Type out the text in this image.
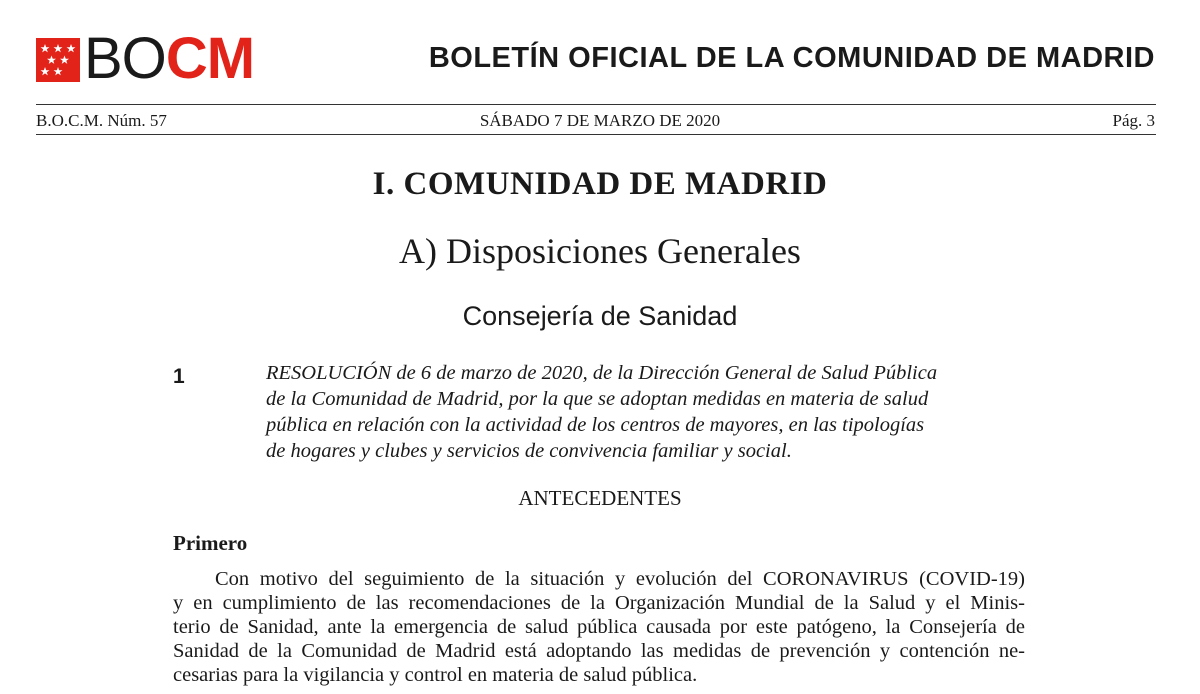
BOCM	BOLETÍN OFICIAL DE LA COMUNIDAD DE MADRID
B.O.C.M. Núm. 57	SÁBADO 7 DE MARZO DE 2020	Pág. 3
I. COMUNIDAD DE MADRID
A) Disposiciones Generales
Consejería de Sanidad
1	RESOLUCIÓN de 6 de marzo de 2020, de la Dirección General de Salud Pública
de la Comunidad de Madrid, por la que se adoptan medidas en materia de salud
pública en relación con la actividad de los centros de mayores, en las tipologías
de hogares y clubes y servicios de convivencia familiar y social.
ANTECEDENTES
Primero
Con motivo del seguimiento de la situación y evolución del CORONAVIRUS (COVID-19)
y en cumplimiento de las recomendaciones de la Organización Mundial de la Salud y el Minis-
terio de Sanidad, ante la emergencia de salud pública causada por este patógeno, la Consejería de
Sanidad de la Comunidad de Madrid está adoptando las medidas de prevención y contención ne-
cesarias para la vigilancia y control en materia de salud pública.
